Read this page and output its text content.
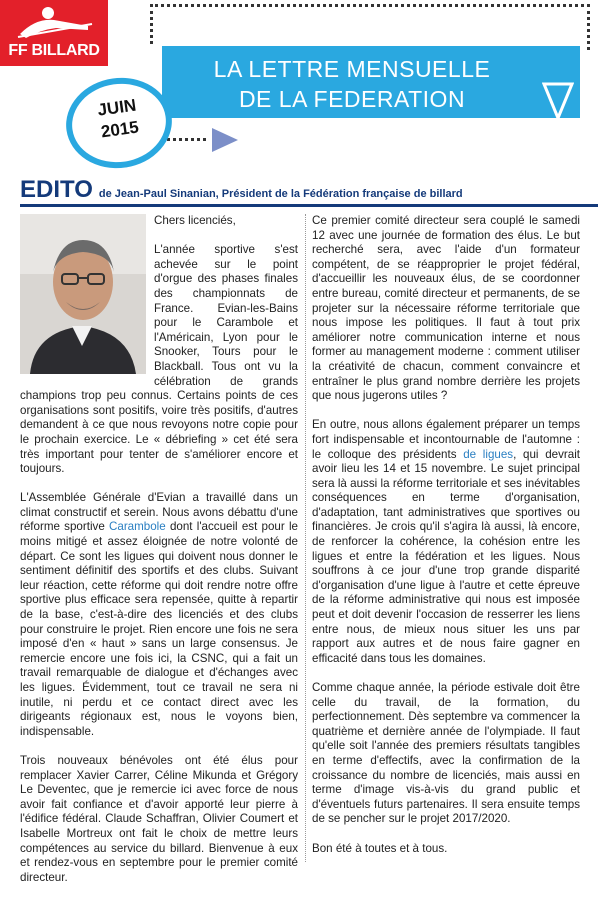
FF BILLARD
LA LETTRE MENSUELLE
DE LA FEDERATION
JUIN
2015
EDITO de Jean-Paul Sinanian, Président de la Fédération française de billard

Chers licenciés,

L'année sportive s'est achevée sur le point d'orgue des phases finales des championnats de France. Evian-les-Bains pour le Carambole et l'Américain, Lyon pour le Snooker, Tours pour le Blackball. Tous ont vu la célébration de grands champions trop peu connus. Certains points de ces organisations sont positifs, voire très positifs, d'autres demandent à ce que nous revoyons notre copie pour le prochain exercice. Le « débriefing » cet été sera très important pour tenter de s'améliorer encore et toujours.

L'Assemblée Générale d'Evian a travaillé dans un climat constructif et serein. Nous avons débattu d'une réforme sportive Carambole dont l'accueil est pour le moins mitigé et assez éloignée de notre volonté de départ. Ce sont les ligues qui doivent nous donner le sentiment définitif des sportifs et des clubs. Suivant leur réaction, cette réforme qui doit rendre notre offre sportive plus efficace sera repensée, quitte à repartir de la base, c'est-à-dire des licenciés et des clubs pour construire le projet. Rien encore une fois ne sera imposé d'en « haut » sans un large consensus. Je remercie encore une fois ici, la CSNC, qui a fait un travail remarquable de dialogue et d'échanges avec les ligues. Évidemment, tout ce travail ne sera ni inutile, ni perdu et ce contact direct avec les dirigeants régionaux est, nous le voyons bien, indispensable.

Trois nouveaux bénévoles ont été élus pour remplacer Xavier Carrer, Céline Mikunda et Grégory Le Deventec, que je remercie ici avec force de nous avoir fait confiance et d'avoir apporté leur pierre à l'édifice fédéral. Claude Schaffran, Olivier Coumert et Isabelle Mortreux ont fait le choix de mettre leurs compétences au service du billard. Bienvenue à eux et rendez-vous en septembre pour le premier comité directeur.

Ce premier comité directeur sera couplé le samedi 12 avec une journée de formation des élus. Le but recherché sera, avec l'aide d'un formateur compétent, de se réapproprier le projet fédéral, d'accueillir les nouveaux élus, de se coordonner entre bureau, comité directeur et permanents, de se projeter sur la nécessaire réforme territoriale que nous impose les politiques. Il faut à tout prix améliorer notre communication interne et nous former au management moderne : comment utiliser la créativité de chacun, comment convaincre et entraîner le plus grand nombre derrière les projets que nous jugerons utiles ?

En outre, nous allons également préparer un temps fort indispensable et incontournable de l'automne : le colloque des présidents de ligues, qui devrait avoir lieu les 14 et 15 novembre. Le sujet principal sera là aussi la réforme territoriale et ses inévitables conséquences en terme d'organisation, d'adaptation, tant administratives que sportives ou financières. Je crois qu'il s'agira là aussi, là encore, de renforcer la cohérence, la cohésion entre les ligues et entre la fédération et les ligues. Nous souffrons à ce jour d'une trop grande disparité d'organisation d'une ligue à l'autre et cette épreuve de la réforme administrative qui nous est imposée peut et doit devenir l'occasion de resserrer les liens entre nous, de mieux nous situer les uns par rapport aux autres et de nous faire gagner en efficacité dans tous les domaines.

Comme chaque année, la période estivale doit être celle du travail, de la formation, du perfectionnement. Dès septembre va commencer la quatrième et dernière année de l'olympiade. Il faut qu'elle soit l'année des premiers résultats tangibles en terme d'effectifs, avec la confirmation de la croissance du nombre de licenciés, mais aussi en terme d'image vis-à-vis du grand public et d'éventuels futurs partenaires. Il sera ensuite temps de se pencher sur le projet 2017/2020.

Bon été à toutes et à tous.
